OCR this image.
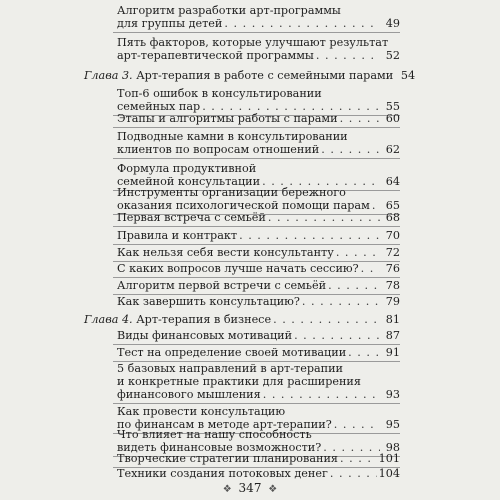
Алгоритм разработки арт-программы
для группы детей . . .	49
Пять факторов, которые улучшают результат
арт-терапевтической программы . . .	52
Глава 3. Арт-терапия в работе с семейными парами 54
Топ-6 ошибок в консультировании
семейных пар . . .	55
Этапы и алгоритмы работы с парами . . .	60
Подводные камни в консультировании
клиентов по вопросам отношений . . .	62
Формула продуктивной
семейной консультации . . .	64
Инструменты организации бережного
оказания психологической помощи парам . . .	65
Первая встреча с семьёй . . .	68
Правила и контракт . . .	70
Как нельзя себя вести консультанту . . .	72
С каких вопросов лучше начать сессию? . . .	76
Алгоритм первой встречи с семьёй . . .	78
Как завершить консультацию? . . .	79
Глава 4. Арт-терапия в бизнесе . . .	81
Виды финансовых мотиваций . . .	87
Тест на определение своей мотивации . . .	91
5 базовых направлений в арт-терапии
и конкретные практики для расширения
финансового мышления . . .	93
Как провести консультацию
по финансам в методе арт-терапии? . . .	95
Что влияет на нашу способность
видеть финансовые возможности? . . .	98
Творческие стратегии планирования . . .	101
Техники создания потоковых денег . . .	104
❖ 347 ❖
